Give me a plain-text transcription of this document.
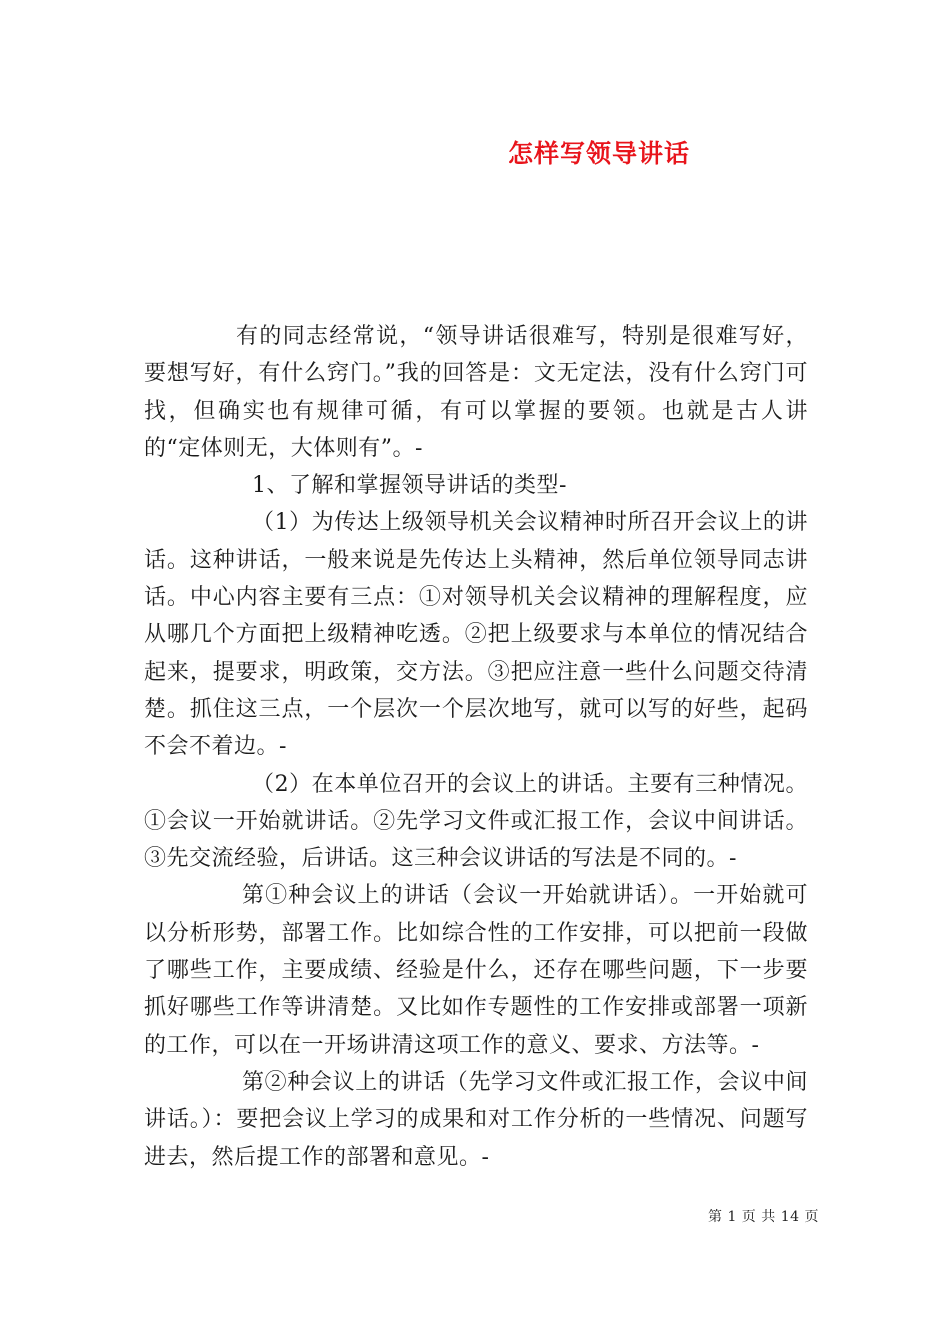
怎样写领导讲话

有的同志经常说，“领导讲话很难写，特别是很难写好，要想写好，有什么窍门。”我的回答是：文无定法，没有什么窍门可找，但确实也有规律可循，有可以掌握的要领。也就是古人讲的“定体则无，大体则有”。-

1、了解和掌握领导讲话的类型-

（1）为传达上级领导机关会议精神时所召开会议上的讲话。这种讲话，一般来说是先传达上头精神，然后单位领导同志讲话。中心内容主要有三点：①对领导机关会议精神的理解程度，应从哪几个方面把上级精神吃透。②把上级要求与本单位的情况结合起来，提要求，明政策，交方法。③把应注意一些什么问题交待清楚。抓住这三点，一个层次一个层次地写，就可以写的好些，起码不会不着边。-

（2）在本单位召开的会议上的讲话。主要有三种情况。①会议一开始就讲话。②先学习文件或汇报工作，会议中间讲话。③先交流经验，后讲话。这三种会议讲话的写法是不同的。-

第①种会议上的讲话（会议一开始就讲话）。一开始就可以分析形势，部署工作。比如综合性的工作安排，可以把前一段做了哪些工作，主要成绩、经验是什么，还存在哪些问题，下一步要抓好哪些工作等讲清楚。又比如作专题性的工作安排或部署一项新的工作，可以在一开场讲清这项工作的意义、要求、方法等。-

第②种会议上的讲话（先学习文件或汇报工作，会议中间讲话。）：要把会议上学习的成果和对工作分析的一些情况、问题写进去，然后提工作的部署和意见。-

第 1 页 共 14 页
